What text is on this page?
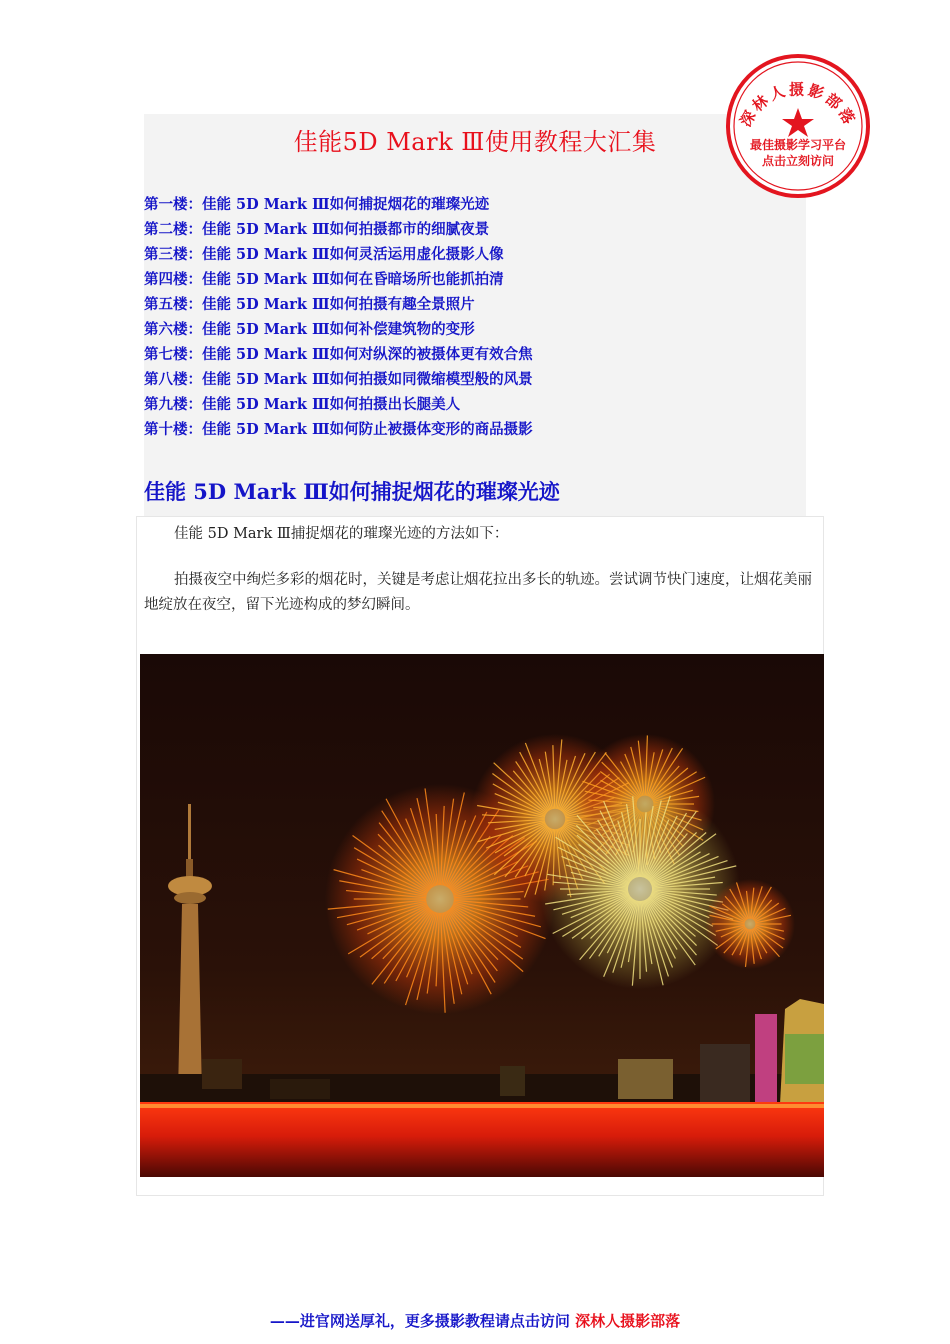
佳能5D Mark Ⅲ使用教程大汇集
第一楼：佳能 5D Mark Ⅲ如何捕捉烟花的璀璨光迹
第二楼：佳能 5D Mark Ⅲ如何拍摄都市的细腻夜景
第三楼：佳能 5D Mark Ⅲ如何灵活运用虚化摄影人像
第四楼：佳能 5D Mark Ⅲ如何在昏暗场所也能抓拍清
第五楼：佳能 5D Mark Ⅲ如何拍摄有趣全景照片
第六楼：佳能 5D Mark Ⅲ如何补偿建筑物的变形
第七楼：佳能 5D Mark Ⅲ如何对纵深的被摄体更有效合焦
第八楼：佳能 5D Mark Ⅲ如何拍摄如同微缩模型般的风景
第九楼：佳能 5D Mark Ⅲ如何拍摄出长腿美人
第十楼：佳能 5D Mark Ⅲ如何防止被摄体变形的商品摄影
佳能 5D Mark Ⅲ如何捕捉烟花的璀璨光迹

佳能 5D Mark Ⅲ捕捉烟花的璀璨光迹的方法如下：

拍摄夜空中绚烂多彩的烟花时，关键是考虑让烟花拉出多长的轨迹。尝试调节快门速度，让烟花美丽地绽放在夜空，留下光迹构成的梦幻瞬间。

深林人摄影部落
最佳摄影学习平台
点击立刻访问
——进官网送厚礼，更多摄影教程请点击访问 深林人摄影部落
